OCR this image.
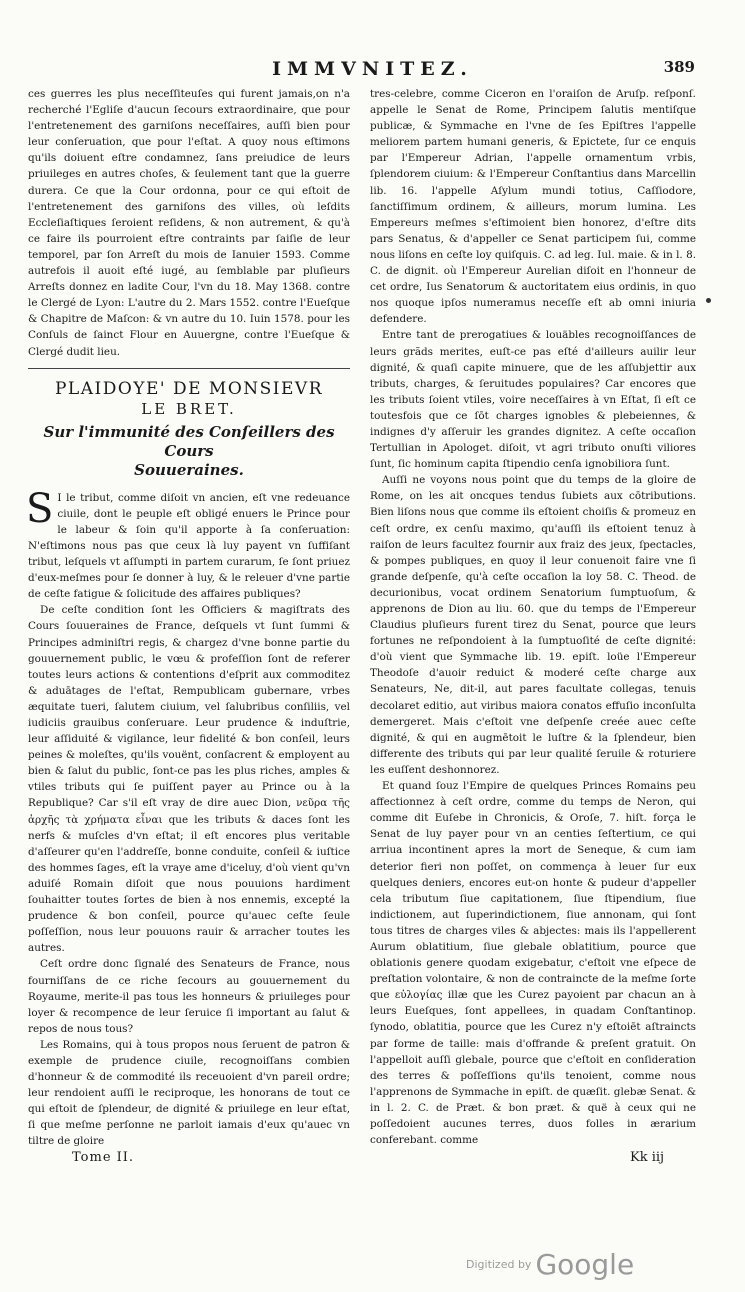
IMMVNITEZ.	389

ces guerres les plus neceſſiteuſes qui furent jamais,on n'a recherché l'Egliſe d'aucun ſecours extraordinaire, que pour l'entretenement des garniſons neceſſaires, auſſi bien pour leur conſeruation, que pour l'eſtat. A quoy nous eſtimons qu'ils doiuent eſtre condamnez, ſans preiudice de leurs priuileges en autres choſes, & ſeulement tant que la guerre durera. Ce que la Cour ordonna, pour ce qui eſtoit de l'entretenement des garniſons des villes, où leſdits Eccleſiaſtiques ſeroient reſidens, & non autrement, & qu'à ce faire ils pourroient eſtre contraints par ſaiſie de leur temporel, par ſon Arreſt du mois de Ianuier 1593. Comme autrefois il auoit eſté iugé, au ſemblable par pluſieurs Arreſts donnez en ladite Cour, l'vn du 18. May 1368. contre le Clergé de Lyon: L'autre du 2. Mars 1552. contre l'Eueſque & Chapitre de Maſcon: & vn autre du 10. Iuin 1578. pour les Conſuls de ſainct Flour en Auuergne, contre l'Eueſque & Clergé dudit lieu.

PLAIDOYE' DE MONSIEVR
LE BRET.
Sur l'immunité des Conſeillers des Cours
Souueraines.

S I le tribut, comme diſoit vn ancien, eſt vne redeuance ciuile, dont le peuple eſt obligé enuers le Prince pour le labeur & ſoin qu'il apporte à ſa conſeruation: N'eſtimons nous pas que ceux là luy payent vn ſuffiſant tribut, leſquels vt aſſumpti in partem curarum, ſe ſont priuez d'eux-meſmes pour ſe donner à luy, & le releuer d'vne partie de ceſte fatigue & ſolicitude des affaires publiques?

De ceſte condition ſont les Officiers & magiſtrats des Cours ſouueraines de France, deſquels vt ſunt ſummi & Principes adminiſtri regis, & chargez d'vne bonne partie du gouuernement public, le vœu & profeſſion ſont de referer toutes leurs actions & contentions d'eſprit aux commoditez & aduātages de l'eſtat, Rempublicam gubernare, vrbes æquitate tueri, ſalutem ciuium, vel ſalubribus conſiliis, vel iudiciis grauibus conſeruare. Leur prudence & induſtrie, leur aſſiduité & vigilance, leur fidelité & bon conſeil, leurs peines & moleſtes, qu'ils vouënt, conſacrent & employent au bien & ſalut du public, ſont-ce pas les plus riches, amples & vtiles tributs qui ſe puiſſent payer au Prince ou à la Republique? Car s'il eſt vray de dire auec Dion, νεῦρα τῆς ἀρχῆς τὰ χρήματα εἶναι que les tributs & daces ſont les nerfs & muſcles d'vn eſtat; il eſt encores plus veritable d'aſſeurer qu'en l'addreſſe, bonne conduite, conſeil & iuſtice des hommes ſages, eſt la vraye ame d'iceluy, d'où vient qu'vn aduiſé Romain diſoit que nous pouuions hardiment ſouhaitter toutes ſortes de bien à nos ennemis, excepté la prudence & bon conſeil, pource qu'auec ceſte ſeule poſſeſſion, nous leur pouuons rauir & arracher toutes les autres.

Ceſt ordre donc ſignalé des Senateurs de France, nous fourniſſans de ce riche ſecours au gouuernement du Royaume, merite-il pas tous les honneurs & priuileges pour loyer & recompence de leur ſeruice ſi important au ſalut & repos de nous tous?

Les Romains, qui à tous propos nous ſeruent de patron & exemple de prudence ciuile, recognoiſſans combien d'honneur & de commodité ils receuoient d'vn pareil ordre; leur rendoient auſſi le reciproque, les honorans de tout ce qui eſtoit de ſplendeur, de dignité & priuilege en leur eſtat, ſi que meſme perſonne ne parloit iamais d'eux qu'auec vn tiltre de gloire

tres-celebre, comme Ciceron en l'oraiſon de Aruſp. reſponſ. appelle le Senat de Rome, Principem ſalutis mentiſque publicæ, & Symmache en l'vne de ſes Epiſtres l'appelle meliorem partem humani generis, & Epictete, ſur ce enquis par l'Empereur Adrian, l'appelle ornamentum vrbis, ſplendorem ciuium: & l'Empereur Conſtantius dans Marcellin lib. 16. l'appelle Aſylum mundi totius, Caſſiodore, ſanctiſſimum ordinem, & ailleurs, morum lumina. Les Empereurs meſmes s'eſtimoient bien honorez, d'eſtre dits pars Senatus, & d'appeller ce Senat participem ſui, comme nous liſons en ceſte loy quiſquis. C. ad leg. Iul. maie. & in l. 8. C. de dignit. où l'Empereur Aurelian diſoit en l'honneur de cet ordre, Ius Senatorum & auctoritatem eius ordinis, in quo nos quoque ipſos numeramus neceſſe eſt ab omni iniuria defendere.

Entre tant de prerogatiues & louäbles recognoiſſances de leurs grãds merites, euſt-ce pas eſté d'ailleurs auilir leur dignité, & quaſi capite minuere, que de les aſſubjettir aux tributs, charges, & ſeruitudes populaires? Car encores que les tributs ſoient vtiles, voire neceſſaires à vn Eſtat, ſi eſt ce toutesfois que ce ſōt charges ignobles & plebeiennes, & indignes d'y aſſeruir les grandes dignitez. A ceſte occaſion Tertullian in Apologet. diſoit, vt agri tributo onuſti viliores ſunt, ſic hominum capita ſtipendio cenſa ignobiliora ſunt.

Auſſi ne voyons nous point que du temps de la gloire de Rome, on les ait oncques tendus ſubiets aux cōtributions. Bien liſons nous que comme ils eſtoient choiſis & promeuz en ceſt ordre, ex cenſu maximo, qu'auſſi ils eſtoient tenuz à raiſon de leurs facultez fournir aux fraiz des jeux, ſpectacles, & pompes publiques, en quoy il leur conuenoit faire vne ſi grande deſpenſe, qu'à ceſte occaſion la loy 58. C. Theod. de decurionibus, vocat ordinem Senatorium ſumptuoſum, & apprenons de Dion au liu. 60. que du temps de l'Empereur Claudius pluſieurs furent tirez du Senat, pource que leurs fortunes ne reſpondoient à la ſumptuoſité de ceſte dignité: d'où vient que Symmache lib. 19. epiſt. loüe l'Empereur Theodoſe d'auoir reduict & moderé ceſte charge aux Senateurs, Ne, dit-il, aut pares facultate collegas, tenuis decolaret editio, aut viribus maiora conatos effuſio inconſulta demergeret. Mais c'eſtoit vne deſpenſe creée auec ceſte dignité, & qui en augmētoit le luſtre & la ſplendeur, bien differente des tributs qui par leur qualité ſeruile & roturiere les euſſent deshonnorez.

Et quand ſouz l'Empire de quelques Princes Romains peu affectionnez à ceſt ordre, comme du temps de Neron, qui comme dit Euſebe in Chronicis, & Oroſe, 7. hiſt. força le Senat de luy payer pour vn an centies ſeſtertium, ce qui arriua incontinent apres la mort de Seneque, & cum iam deterior fieri non poſſet, on commença à leuer ſur eux quelques deniers, encores eut-on honte & pudeur d'appeller cela tributum ſiue capitationem, ſiue ſtipendium, ſiue indictionem, aut ſuperindictionem, ſiue annonam, qui ſont tous titres de charges viles & abjectes: mais ils l'appellerent Aurum oblatitium, ſiue glebale oblatitium, pource que oblationis genere quodam exigebatur, c'eſtoit vne eſpece de preſtation volontaire, & non de contraincte de la meſme ſorte que εὐλογίας illæ que les Curez payoient par chacun an à leurs Eueſques, ſont appellees, in quadam Conſtantinop. ſynodo, oblatitia, pource que les Curez n'y eſtoiēt aſtraincts par forme de taille: mais d'offrande & preſent gratuit. On l'appelloit auſſi glebale, pource que c'eſtoit en conſideration des terres & poſſeſſions qu'ils tenoient, comme nous l'apprenons de Symmache in epiſt. de quæſit. glebæ Senat. & in l. 2. C. de Præt. & bon præt. & quë à ceux qui ne poſſedoient aucunes terres, duos folles in ærarium conferebant. comme

Tome II.	Kk iij
Digitized by Google
